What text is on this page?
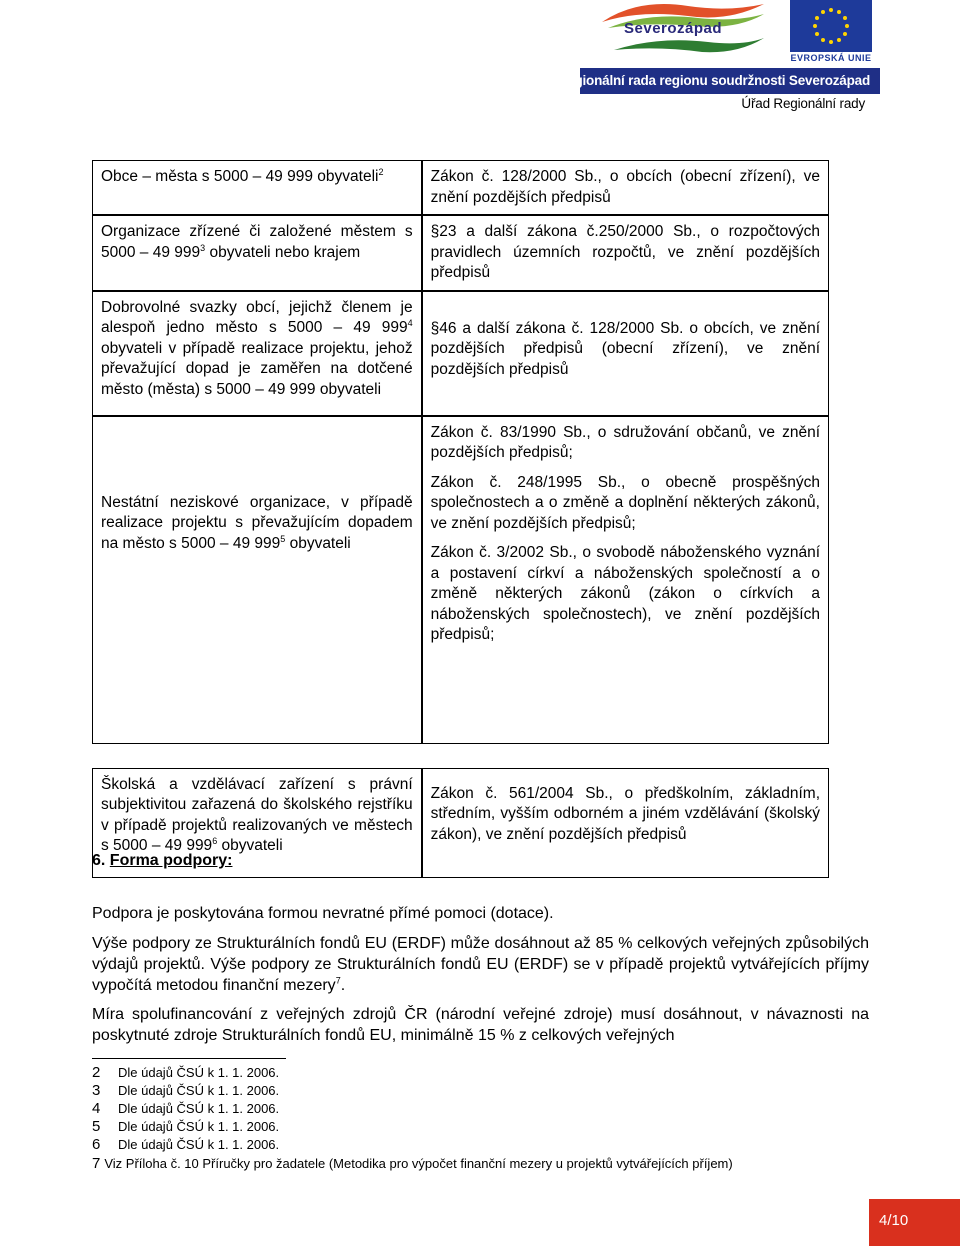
Severozápad
EVROPSKÁ UNIE
Regionální rada regionu soudržnosti Severozápad
Úřad Regionální rady
Obce – města s 5000 – 49 999 obyvateli$^2$	Zákon č. 128/2000 Sb., o obcích (obecní zřízení), ve znění pozdějších předpisů
Organizace zřízené či založené městem s 5000 – 49 $999^3$ obyvateli nebo krajem	§23 a další zákona č.250/2000 Sb., o rozpočtových pravidlech územních rozpočtů, ve znění pozdějších předpisů
Dobrovolné svazky obcí, jejichž členem je alespoň jedno město s 5000 – 49 $999^4$ obyvateli v případě realizace projektu, jehož převažující dopad je zaměřen na dotčené město (města) s 5000 – 49 999 obyvateli	§46 a další zákona č. 128/2000 Sb. o obcích, ve znění pozdějších předpisů (obecní zřízení), ve znění pozdějších předpisů
Nestátní neziskové organizace, v případě realizace projektu s převažujícím dopadem na město s 5000 – 49 $999^5$ obyvateli	Zákon č. 83/1990 Sb., o sdružování občanů, ve znění pozdějších předpisů;
Zákon č. 248/1995 Sb., o obecně prospěšných společnostech a o změně a doplnění některých zákonů, ve znění pozdějších předpisů;
Zákon č. 3/2002 Sb., o svobodě náboženského vyznání a postavení církví a náboženských společností a o změně některých zákonů (zákon o církvích a náboženských společnostech), ve znění pozdějších předpisů;

Školská a vzdělávací zařízení s právní subjektivitou zařazená do školského rejstříku v případě projektů realizovaných ve městech s 5000 – 49 $999^6$ obyvateli	Zákon č. 561/2004 Sb., o předškolním, základním, středním, vyšším odborném a jiném vzdělávání (školský zákon), ve znění pozdějších předpisů
6. Forma podpory:
Podpora je poskytována formou nevratné přímé pomoci (dotace).
Výše podpory ze Strukturálních fondů EU (ERDF) může dosáhnout až 85 % celkových veřejných způsobilých výdajů projektů. Výše podpory ze Strukturálních fondů EU (ERDF) se v případě projektů vytvářejících příjmy vypočítá metodou finanční mezery$^7$.
Míra spolufinancování z veřejných zdrojů ČR (národní veřejné zdroje) musí dosáhnout, v návaznosti na poskytnuté zdroje Strukturálních fondů EU, minimálně 15 % z celkových veřejných
2 Dle údajů ČSÚ k 1. 1. 2006.
3 Dle údajů ČSÚ k 1. 1. 2006.
4 Dle údajů ČSÚ k 1. 1. 2006.
5 Dle údajů ČSÚ k 1. 1. 2006.
6 Dle údajů ČSÚ k 1. 1. 2006.
7 Viz Příloha č. 10 Příručky pro žadatele (Metodika pro výpočet finanční mezery u projektů vytvářejících příjem)
4/10
